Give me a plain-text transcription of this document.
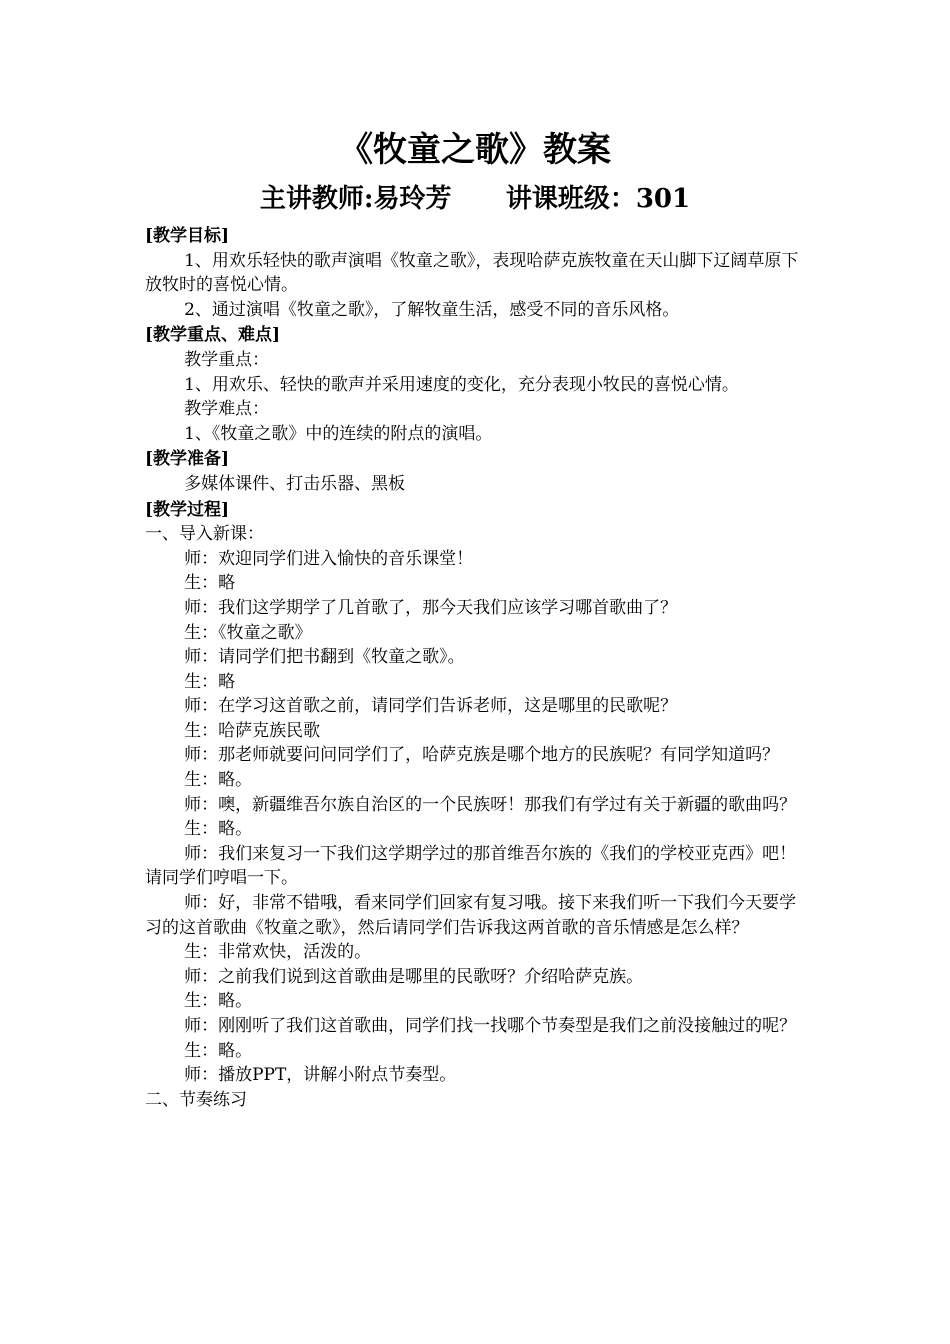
《牧童之歌》教案
主讲教师:易玲芳      讲课班级：301

[教学目标]

1、用欢乐轻快的歌声演唱《牧童之歌》，表现哈萨克族牧童在天山脚下辽阔草原下放牧时的喜悦心情。

2、通过演唱《牧童之歌》，了解牧童生活，感受不同的音乐风格。

[教学重点、难点]

教学重点：

1、用欢乐、轻快的歌声并采用速度的变化，充分表现小牧民的喜悦心情。

教学难点：

1、《牧童之歌》中的连续的附点的演唱。

[教学准备]

多媒体课件、打击乐器、黑板

[教学过程]

一、导入新课：

师：欢迎同学们进入愉快的音乐课堂！

生：略

师：我们这学期学了几首歌了，那今天我们应该学习哪首歌曲了？

生：《牧童之歌》

师：请同学们把书翻到《牧童之歌》。

生：略

师：在学习这首歌之前，请同学们告诉老师，这是哪里的民歌呢？

生：哈萨克族民歌

师：那老师就要问问同学们了，哈萨克族是哪个地方的民族呢？有同学知道吗？

生：略。

师：噢，新疆维吾尔族自治区的一个民族呀！那我们有学过有关于新疆的歌曲吗？

生：略。

师：我们来复习一下我们这学期学过的那首维吾尔族的《我们的学校亚克西》吧！请同学们哼唱一下。

师：好，非常不错哦，看来同学们回家有复习哦。接下来我们听一下我们今天要学习的这首歌曲《牧童之歌》，然后请同学们告诉我这两首歌的音乐情感是怎么样？

生：非常欢快，活泼的。

师：之前我们说到这首歌曲是哪里的民歌呀？介绍哈萨克族。

生：略。

师：刚刚听了我们这首歌曲，同学们找一找哪个节奏型是我们之前没接触过的呢？

生：略。

师：播放PPT，讲解小附点节奏型。

二、节奏练习
